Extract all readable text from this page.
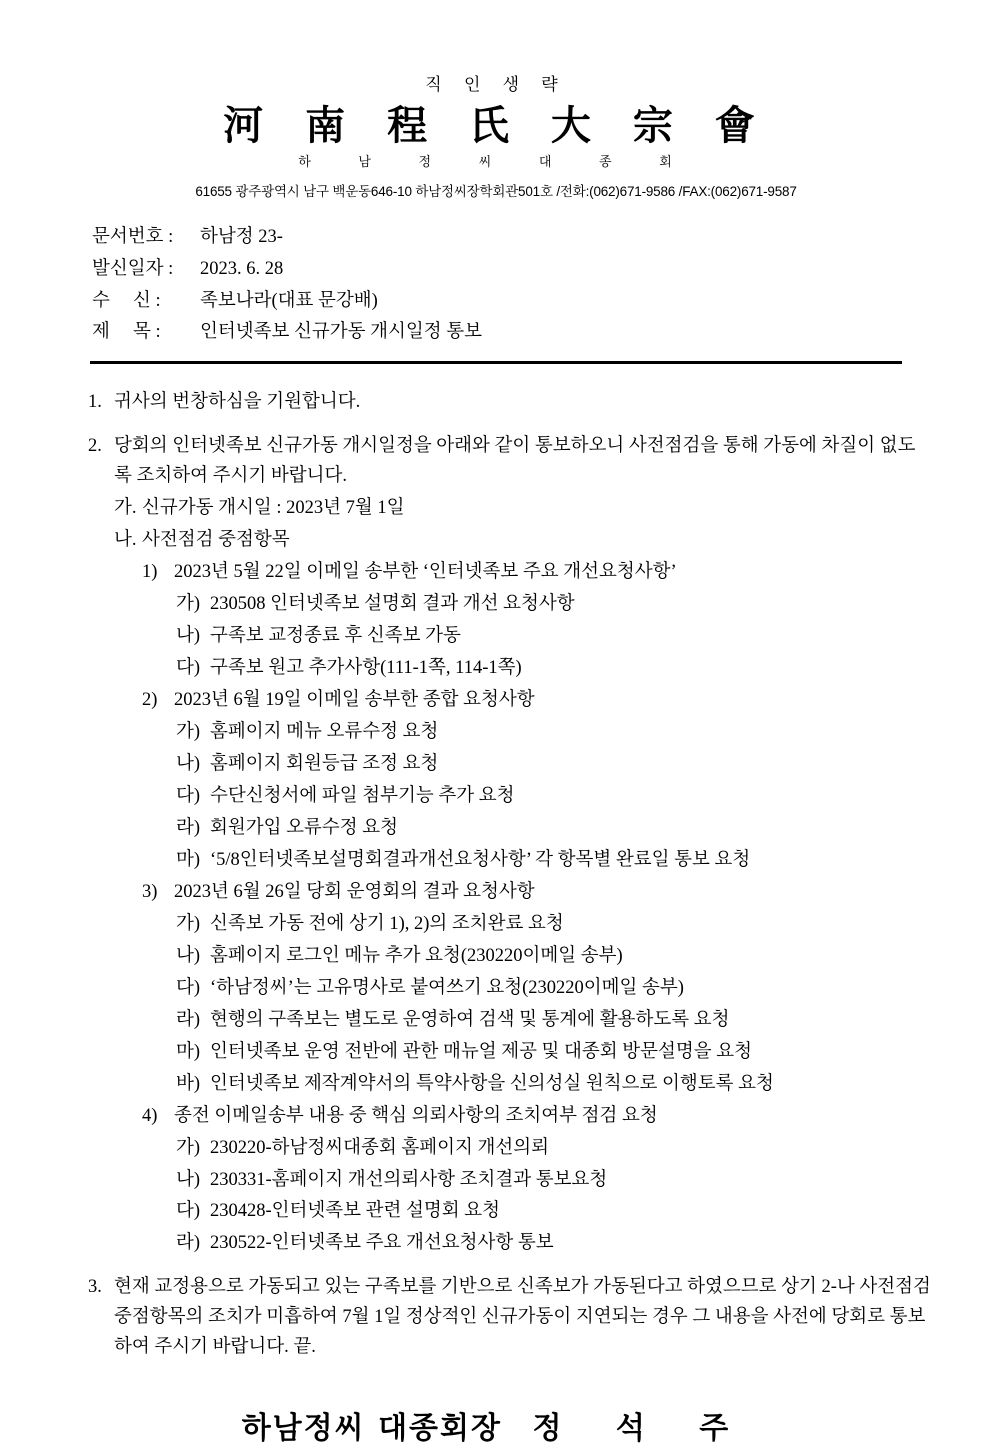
직 인 생 략
河 南 程 氏 大 宗 會
하 남 정 씨 대 종 회
61655 광주광역시 남구 백운동646-10 하남정씨장학회관501호 /전화:(062)671-9586 /FAX:(062)671-9587
문서번호 :	하남정 23-
발신일자 :	2023. 6. 28
수     신 :	족보나라(대표 문강배)
제     목 :	인터넷족보 신규가동 개시일정 통보
1. 귀사의 번창하심을 기원합니다.
2. 당회의 인터넷족보 신규가동 개시일정을 아래와 같이 통보하오니 사전점검을 통해 가동에 차질이 없도록 조치하여 주시기 바랍니다.
가. 신규가동 개시일 : 2023년 7월 1일
나. 사전점검 중점항목
1) 2023년 5월 22일 이메일 송부한 ‘인터넷족보 주요 개선요청사항’
가) 230508 인터넷족보 설명회 결과 개선 요청사항
나) 구족보 교정종료 후 신족보 가동
다) 구족보 원고 추가사항(111-1쪽, 114-1쪽)
2) 2023년 6월 19일 이메일 송부한 종합 요청사항
가) 홈페이지 메뉴 오류수정 요청
나) 홈페이지 회원등급 조정 요청
다) 수단신청서에 파일 첨부기능 추가 요청
라) 회원가입 오류수정 요청
마) ‘5/8인터넷족보설명회결과개선요청사항’ 각 항목별 완료일 통보 요청
3) 2023년 6월 26일 당회 운영회의 결과 요청사항
가) 신족보 가동 전에 상기 1), 2)의 조치완료 요청
나) 홈페이지 로그인 메뉴 추가 요청(230220이메일 송부)
다) ‘하남정씨’는 고유명사로 붙여쓰기 요청(230220이메일 송부)
라) 현행의 구족보는 별도로 운영하여 검색 및 통계에 활용하도록 요청
마) 인터넷족보 운영 전반에 관한 매뉴얼 제공 및 대종회 방문설명을 요청
바) 인터넷족보 제작계약서의 특약사항을 신의성실 원칙으로 이행토록 요청
4) 종전 이메일송부 내용 중 핵심 의뢰사항의 조치여부 점검 요청
가) 230220-하남정씨대종회 홈페이지 개선의뢰
나) 230331-홈페이지 개선의뢰사항 조치결과 통보요청
다) 230428-인터넷족보 관련 설명회 요청
라) 230522-인터넷족보 주요 개선요청사항 통보
3. 현재 교정용으로 가동되고 있는 구족보를 기반으로 신족보가 가동된다고 하였으므로 상기 2-나 사전점검 중점항목의 조치가 미흡하여 7월 1일 정상적인 신규가동이 지연되는 경우 그 내용을 사전에 당회로 통보하여 주시기 바랍니다. 끝.
하남정씨 대종회장 정 석 주
